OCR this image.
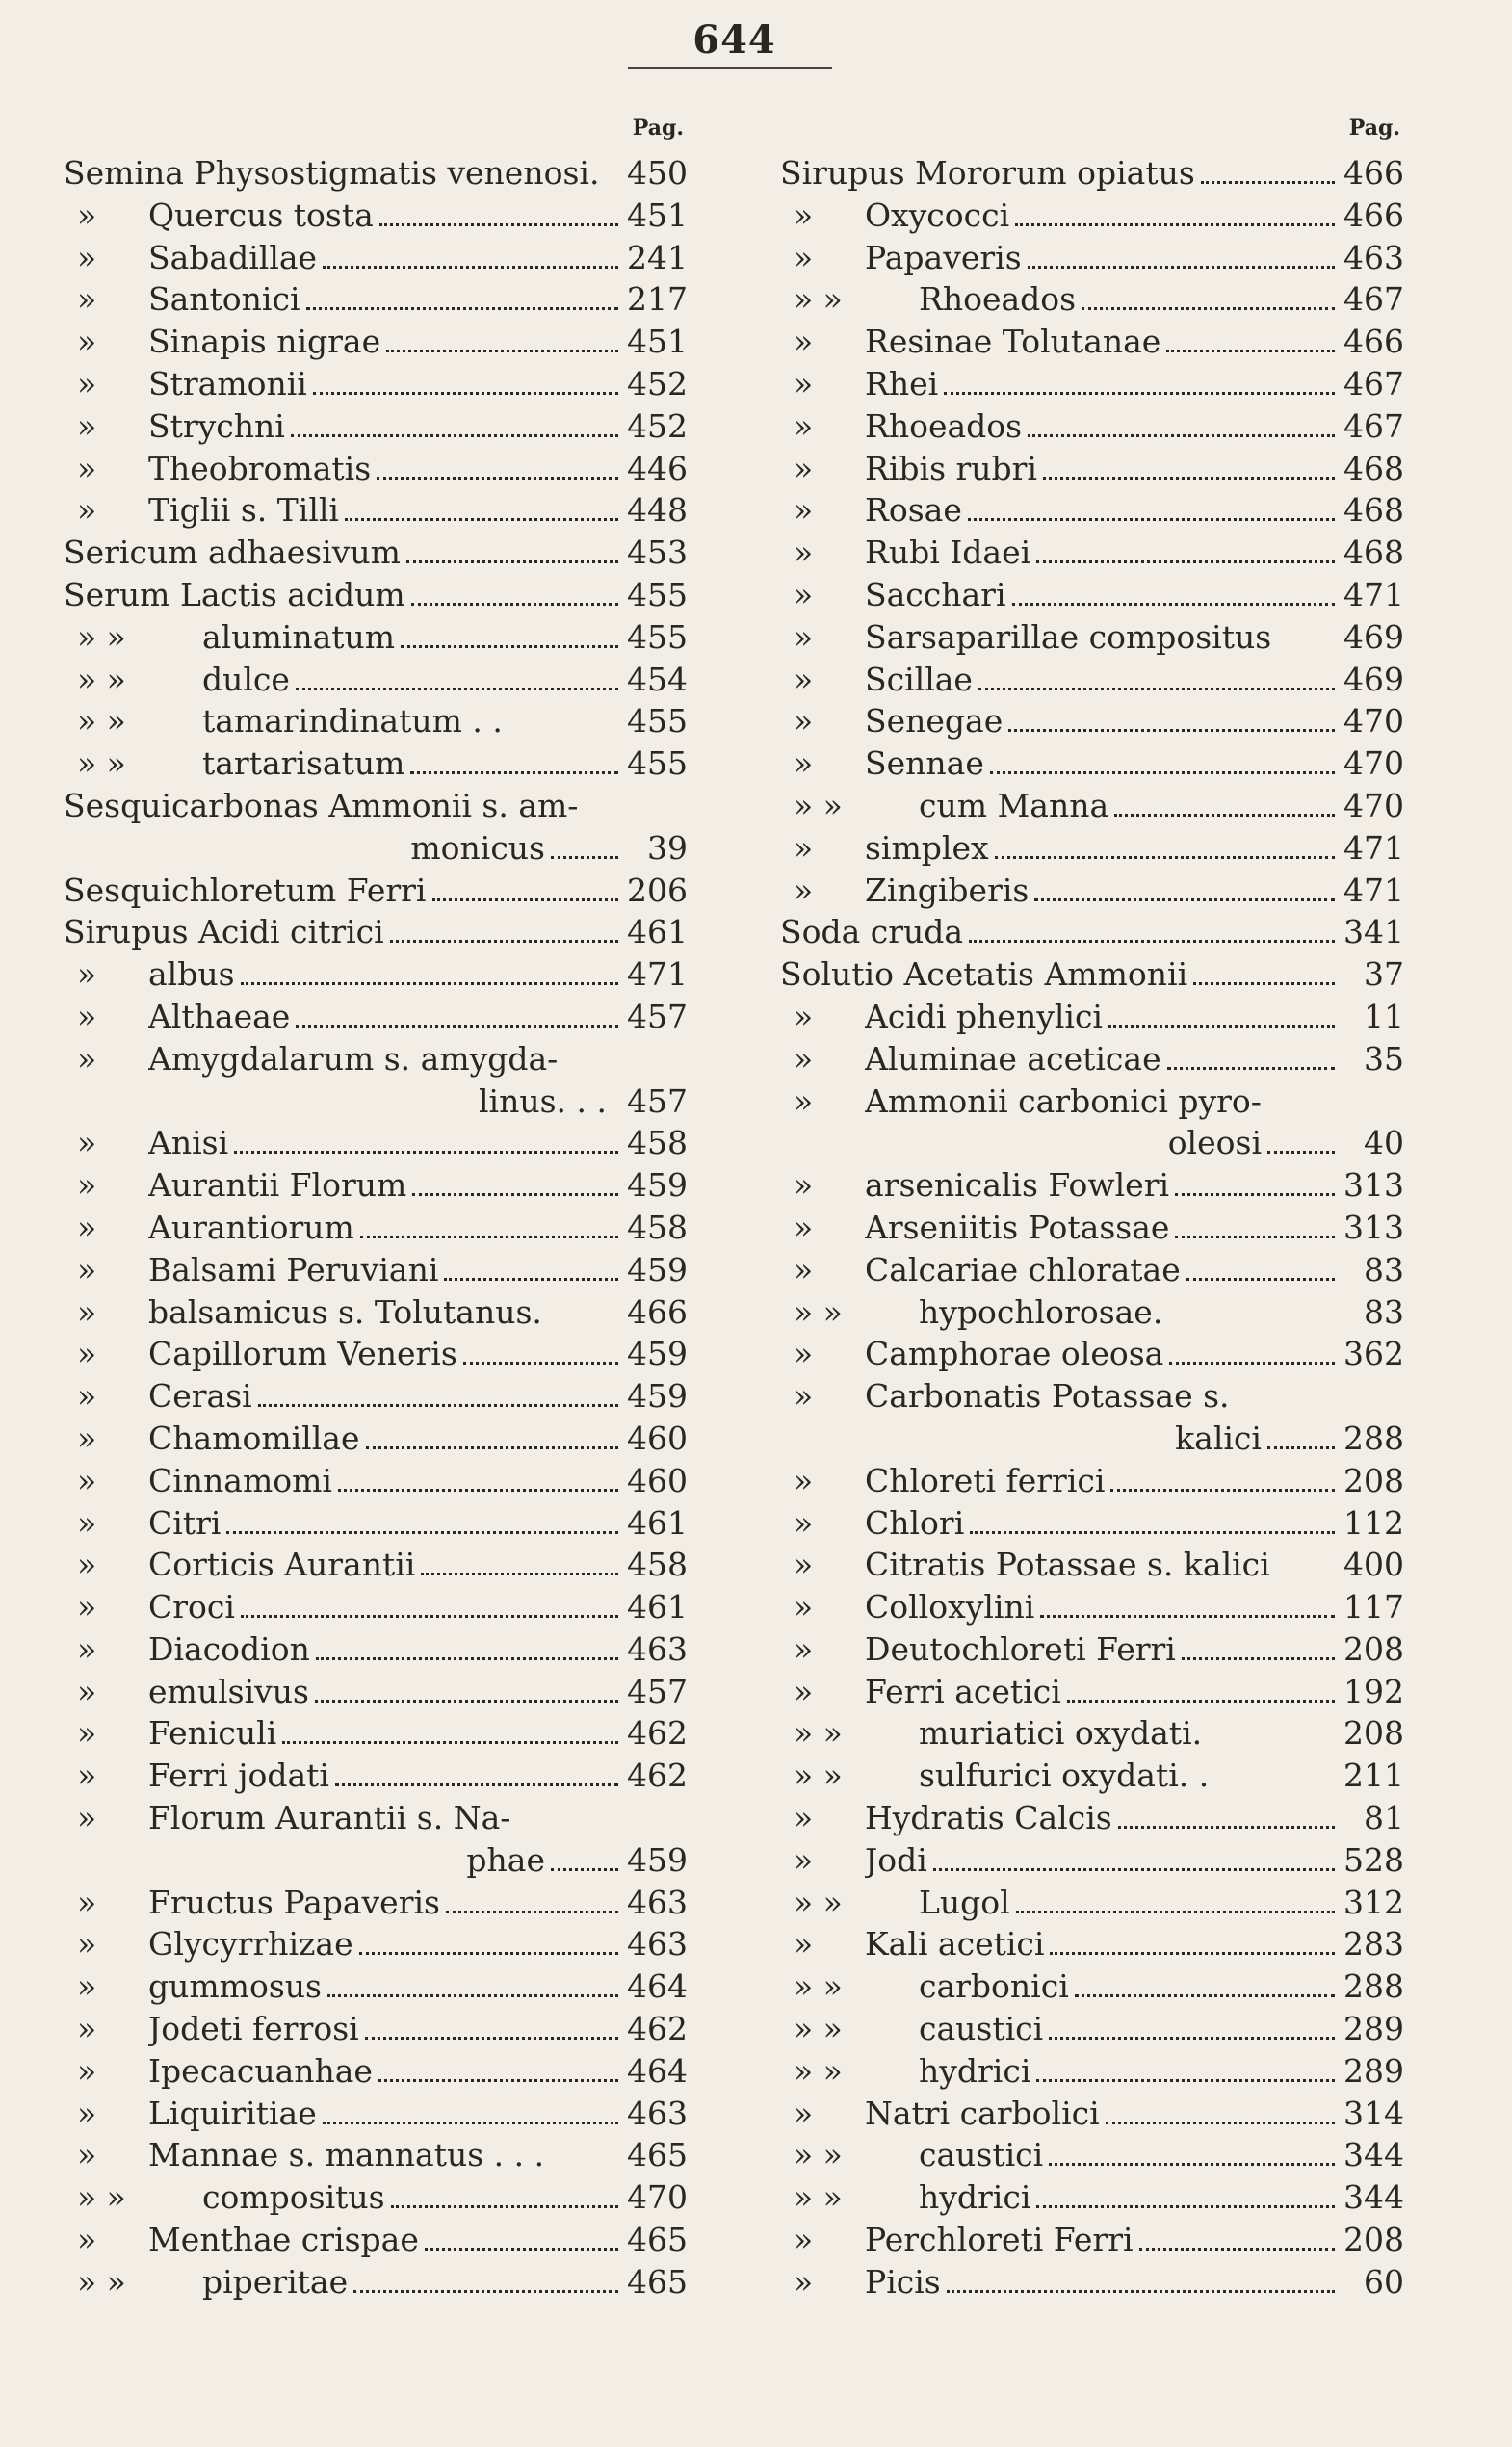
644
Pag.
Semina Physostigmatis venenosi. 450
»	Quercus tosta	451
»	Sabadillae	241
»	Santonici	217
»	Sinapis nigrae	451
»	Stramonii	452
»	Strychni	452
»	Theobromatis	446
»	Tiglii s. Tilli	448
Sericum adhaesivum	453
Serum Lactis acidum	455
» »	aluminatum	455
» »	dulce	454
» »	tamarindinatum . .	455
» »	tartarisatum	455
Sesquicarbonas Ammonii s. am-
monicus	39
Sesquichloretum Ferri	206
Sirupus Acidi citrici	461
»	albus	471
»	Althaeae	457
»	Amygdalarum s. amygda-
linus. . . 457
»	Anisi	458
»	Aurantii Florum	459
»	Aurantiorum	458
»	Balsami Peruviani	459
»	balsamicus s. Tolutanus.	466
»	Capillorum Veneris	459
»	Cerasi	459
»	Chamomillae	460
»	Cinnamomi	460
»	Citri	461
»	Corticis Aurantii	458
»	Croci	461
»	Diacodion	463
»	emulsivus	457
»	Feniculi	462
»	Ferri jodati	462
»	Florum Aurantii s. Na-
phae	459
»	Fructus Papaveris	463
»	Glycyrrhizae	463
»	gummosus	464
»	Jodeti ferrosi	462
»	Ipecacuanhae	464
»	Liquiritiae	463
»	Mannae s. mannatus . . .	465
» »	compositus	470
»	Menthae crispae	465
» »	piperitae	465
Pag.
Sirupus Mororum opiatus	466
»	Oxycocci	466
»	Papaveris	463
» »	Rhoeados	467
»	Resinae Tolutanae	466
»	Rhei	467
»	Rhoeados	467
»	Ribis rubri	468
»	Rosae	468
»	Rubi Idaei	468
»	Sacchari	471
»	Sarsaparillae compositus 469
»	Scillae	469
»	Senegae	470
»	Sennae	470
» »	cum Manna	470
»	simplex	471
»	Zingiberis	471
Soda cruda	341
Solutio Acetatis Ammonii	37
»	Acidi phenylici	11
»	Aluminae aceticae	35
»	Ammonii carbonici pyro-
oleosi	40
»	arsenicalis Fowleri	313
»	Arseniitis Potassae	313
»	Calcariae chloratae	83
» »	hypochlorosae.	83
»	Camphorae oleosa	362
»	Carbonatis Potassae s.
kalici	288
»	Chloreti ferrici	208
»	Chlori	112
»	Citratis Potassae s. kalici 400
»	Colloxylini	117
»	Deutochloreti Ferri	208
»	Ferri acetici	192
» »	muriatici oxydati.	208
» »	sulfurici oxydati. .	211
»	Hydratis Calcis	81
»	Jodi	528
» »	Lugol	312
»	Kali acetici	283
» »	carbonici	288
» »	caustici	289
» »	hydrici	289
»	Natri carbolici	314
» »	caustici	344
» »	hydrici	344
»	Perchloreti Ferri	208
»	Picis	60
